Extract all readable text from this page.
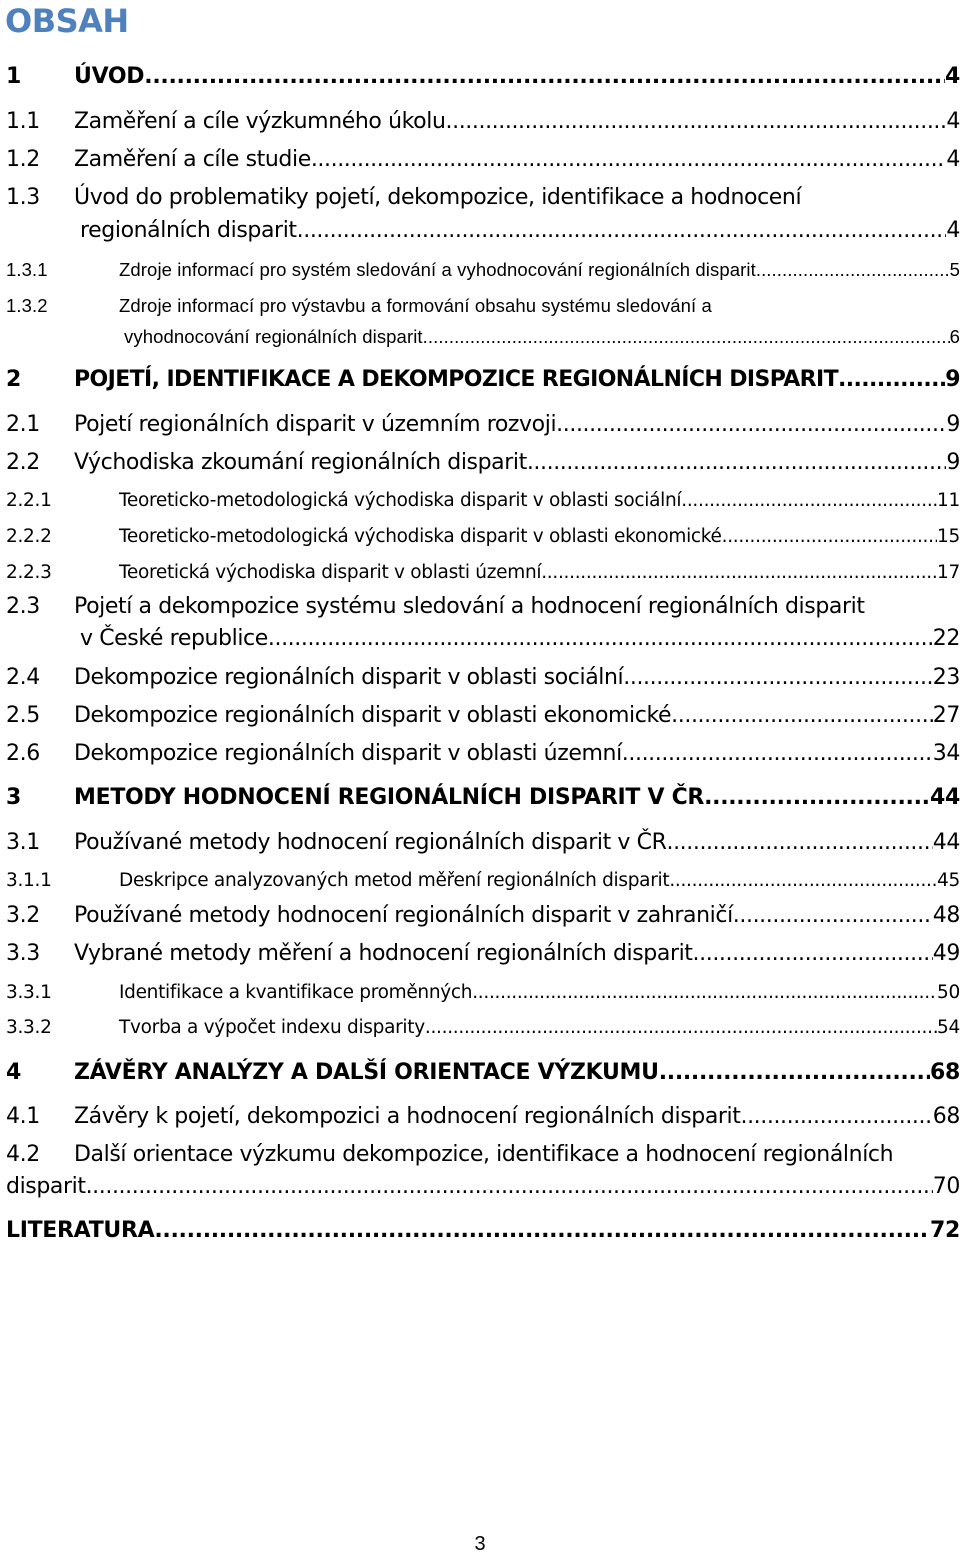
OBSAH
1	ÚVOD .....	4
1.1	Zaměření a cíle výzkumného úkolu .....	4
1.2	Zaměření a cíle studie .....	4
1.3	Úvod do problematiky pojetí, dekompozice, identifikace a hodnocení
regionálních disparit .....	4
1.3.1	Zdroje informací pro systém sledování a vyhodnocování regionálních disparit .....	5
1.3.2	Zdroje informací pro výstavbu a formování obsahu systému sledování a
vyhodnocování regionálních disparit .....	6
2	POJETÍ, IDENTIFIKACE A DEKOMPOZICE REGIONÁLNÍCH DISPARIT .....	9
2.1	Pojetí regionálních disparit v územním rozvoji .....	9
2.2	Východiska zkoumání regionálních disparit .....	9
2.2.1	Teoreticko-metodologická východiska disparit v oblasti sociální .....	11
2.2.2	Teoreticko-metodologická východiska disparit v oblasti ekonomické .....	15
2.2.3	Teoretická východiska disparit v oblasti územní .....	17
2.3	Pojetí a dekompozice systému sledování a hodnocení regionálních disparit
v České republice .....	22
2.4	Dekompozice regionálních disparit v oblasti sociální .....	23
2.5	Dekompozice regionálních disparit v oblasti ekonomické .....	27
2.6	Dekompozice regionálních disparit v oblasti územní .....	34
3	METODY HODNOCENÍ REGIONÁLNÍCH DISPARIT V ČR .....	44
3.1	Používané metody hodnocení regionálních disparit v ČR .....	44
3.1.1	Deskripce analyzovaných metod měření regionálních disparit .....	45
3.2	Používané metody hodnocení regionálních disparit v zahraničí .....	48
3.3	Vybrané metody měření a hodnocení regionálních disparit .....	49
3.3.1	Identifikace a kvantifikace proměnných .....	50
3.3.2	Tvorba a výpočet indexu disparity .....	54
4	ZÁVĚRY ANALÝZY A DALŠÍ ORIENTACE VÝZKUMU .....	68
4.1	Závěry k pojetí, dekompozici a hodnocení regionálních disparit .....	68
4.2	Další orientace výzkumu dekompozice, identifikace a hodnocení regionálních
disparit .....	70
LITERATURA .....	72
3
